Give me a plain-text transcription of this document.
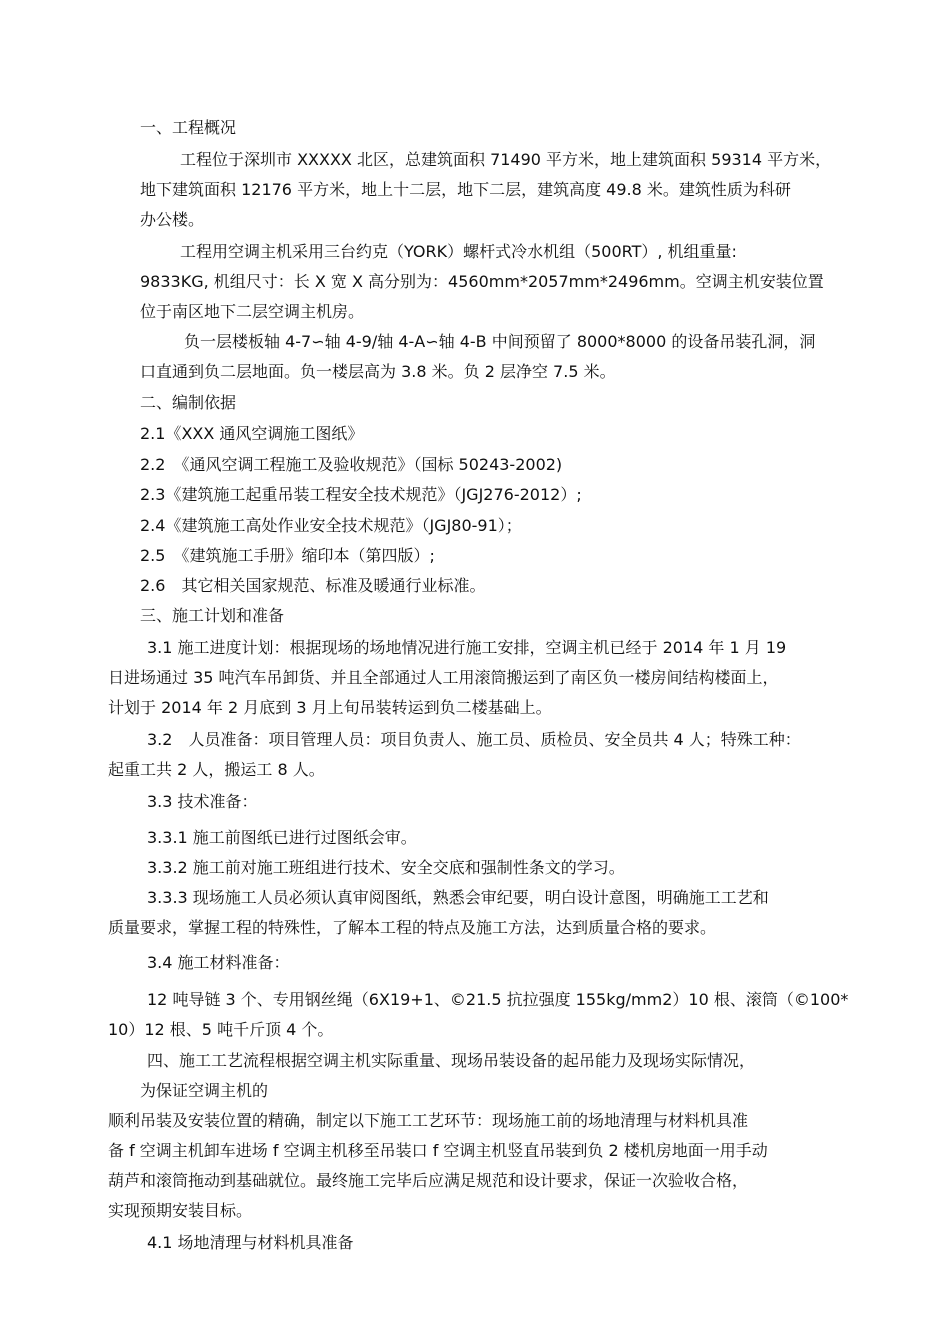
一、工程概况
工程位于深圳市 XXXXX 北区，总建筑面积 71490 平方米，地上建筑面积 59314 平方米，
地下建筑面积 12176 平方米，地上十二层，地下二层，建筑高度 49.8 米。建筑性质为科研
办公楼。
工程用空调主机采用三台约克（YORK）螺杆式冷水机组（500RT）, 机组重量:
9833KG, 机组尺寸：长 X 宽 X 高分别为：4560mm*2057mm*2496mm。空调主机安装位置
位于南区地下二层空调主机房。
负一层楼板轴 4-7∽轴 4-9/轴 4-A∽轴 4-B 中间预留了 8000*8000 的设备吊装孔洞，洞
口直通到负二层地面。负一楼层高为 3.8 米。负 2 层净空 7.5 米。
二、编制依据
2.1《XXX 通风空调施工图纸》
2.2　《通风空调工程施工及验收规范》（国标 50243-2002)
2.3《建筑施工起重吊装工程安全技术规范》（JGJ276-2012）;
2.4《建筑施工高处作业安全技术规范》（JGJ80-91）；
2.5　《建筑施工手册》缩印本（第四版）;
2.6　其它相关国家规范、标准及暖通行业标准。
三、施工计划和准备
3.1 施工进度计划：根据现场的场地情况进行施工安排，空调主机已经于 2014 年 1 月 19
日进场通过 35 吨汽车吊卸货、并且全部通过人工用滚筒搬运到了南区负一楼房间结构楼面上，
计划于 2014 年 2 月底到 3 月上旬吊装转运到负二楼基础上。
3.2　人员准备：项目管理人员：项目负责人、施工员、质检员、安全员共 4 人；特殊工种：
起重工共 2 人，搬运工 8 人。
3.3 技术准备：
3.3.1 施工前图纸已进行过图纸会审。
3.3.2 施工前对施工班组进行技术、安全交底和强制性条文的学习。
3.3.3 现场施工人员必须认真审阅图纸，熟悉会审纪要，明白设计意图，明确施工工艺和
质量要求，掌握工程的特殊性，了解本工程的特点及施工方法，达到质量合格的要求。
3.4 施工材料准备：
12 吨导链 3 个、专用钢丝绳（6X19+1、©21.5 抗拉强度 155kg/mm2）10 根、滚筒（©100*
10）12 根、5 吨千斤顶 4 个。
四、施工工艺流程根据空调主机实际重量、现场吊装设备的起吊能力及现场实际情况，
为保证空调主机的
顺利吊装及安装位置的精确，制定以下施工工艺环节：现场施工前的场地清理与材料机具准
备 f 空调主机卸车进场 f 空调主机移至吊装口 f 空调主机竖直吊装到负 2 楼机房地面一用手动
葫芦和滚筒拖动到基础就位。最终施工完毕后应满足规范和设计要求，保证一次验收合格，
实现预期安装目标。
4.1 场地清理与材料机具准备
